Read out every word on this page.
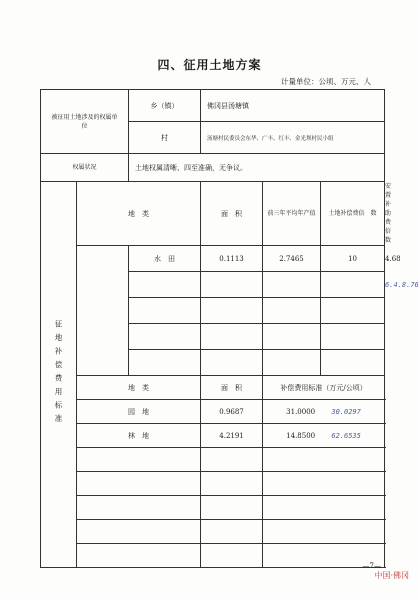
四、征用土地方案
计量单位：公顷、万元、人
被征用土地涉及的权属单位		乡（镇）	佛冈县汤塘镇			
		村	汤塘村民委员会东华、广丰、红丰、金光坝村民小组			
权属状况		土地权属清晰、四至准确，无争议。				
征地补偿费用标准	地　类		面　积	前三年平均年产值	土地补偿费倍　数	安置补助费倍　数
		水　田	0.1113	2.7465	10	4.68
						6.4.8.76

	地　类		面　积	补偿费用标准（万元/公顷）		
	园　地		0.9687	31.0000 30.0297		
	林　地		4.2191	14.8500 62.6535		

—7—
中国·佛冈
